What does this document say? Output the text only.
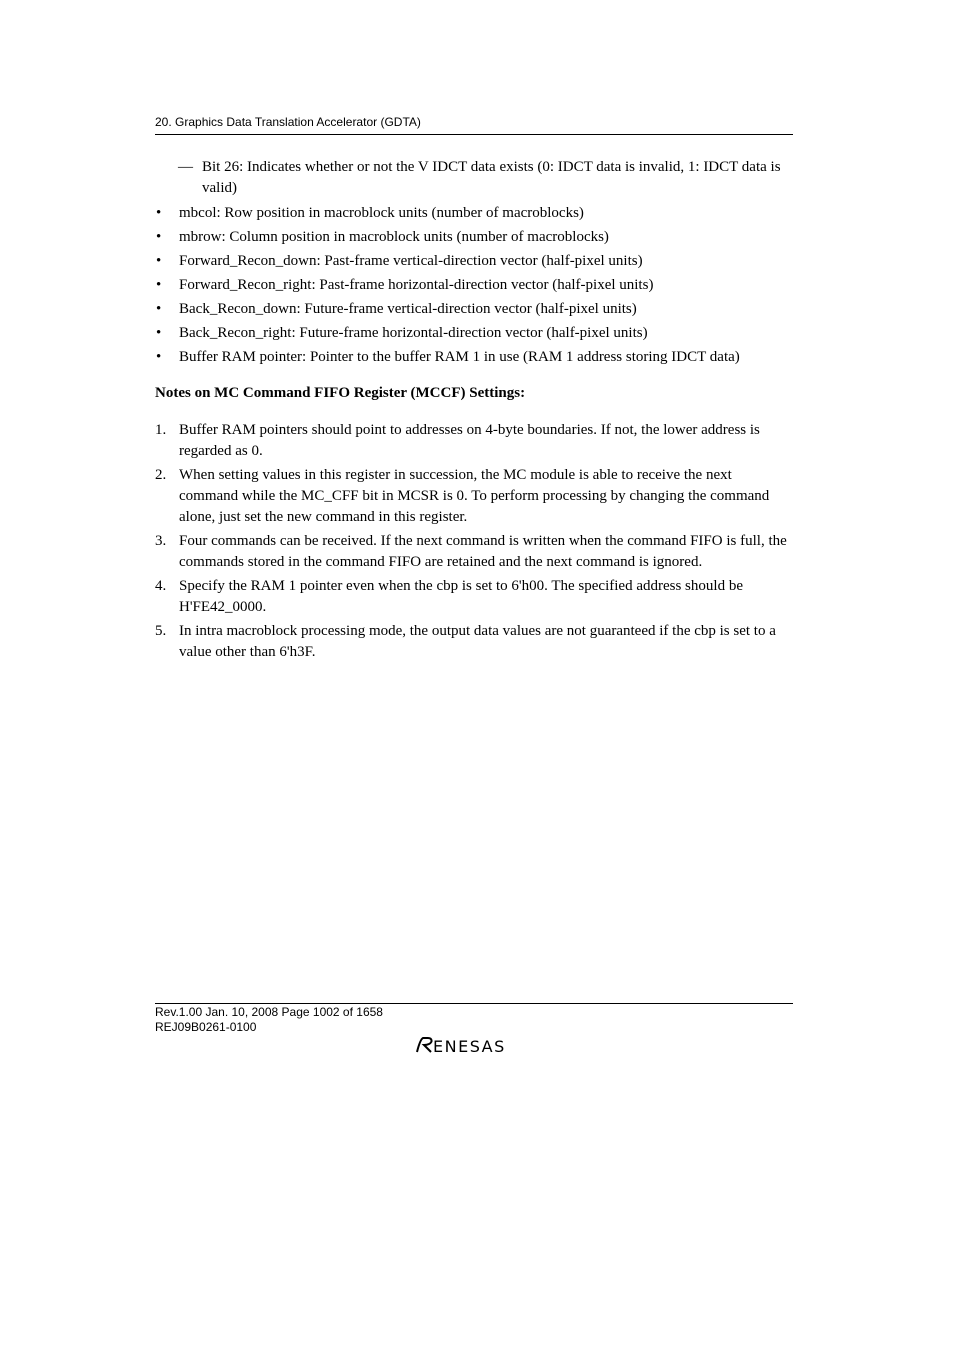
20. Graphics Data Translation Accelerator (GDTA)

— Bit 26: Indicates whether or not the V IDCT data exists (0: IDCT data is invalid, 1: IDCT data is valid)

• mbcol: Row position in macroblock units (number of macroblocks)
• mbrow: Column position in macroblock units (number of macroblocks)
• Forward_Recon_down: Past-frame vertical-direction vector (half-pixel units)
• Forward_Recon_right: Past-frame horizontal-direction vector (half-pixel units)
• Back_Recon_down: Future-frame vertical-direction vector (half-pixel units)
• Back_Recon_right: Future-frame horizontal-direction vector (half-pixel units)
• Buffer RAM pointer: Pointer to the buffer RAM 1 in use (RAM 1 address storing IDCT data)

Notes on MC Command FIFO Register (MCCF) Settings:

1. Buffer RAM pointers should point to addresses on 4-byte boundaries. If not, the lower address is regarded as 0.
2. When setting values in this register in succession, the MC module is able to receive the next command while the MC_CFF bit in MCSR is 0. To perform processing by changing the command alone, just set the new command in this register.
3. Four commands can be received. If the next command is written when the command FIFO is full, the commands stored in the command FIFO are retained and the next command is ignored.
4. Specify the RAM 1 pointer even when the cbp is set to 6'h00. The specified address should be H'FE42_0000.
5. In intra macroblock processing mode, the output data values are not guaranteed if the cbp is set to a value other than 6'h3F.
Rev.1.00 Jan. 10, 2008 Page 1002 of 1658
REJ09B0261-0100
ENESAS
